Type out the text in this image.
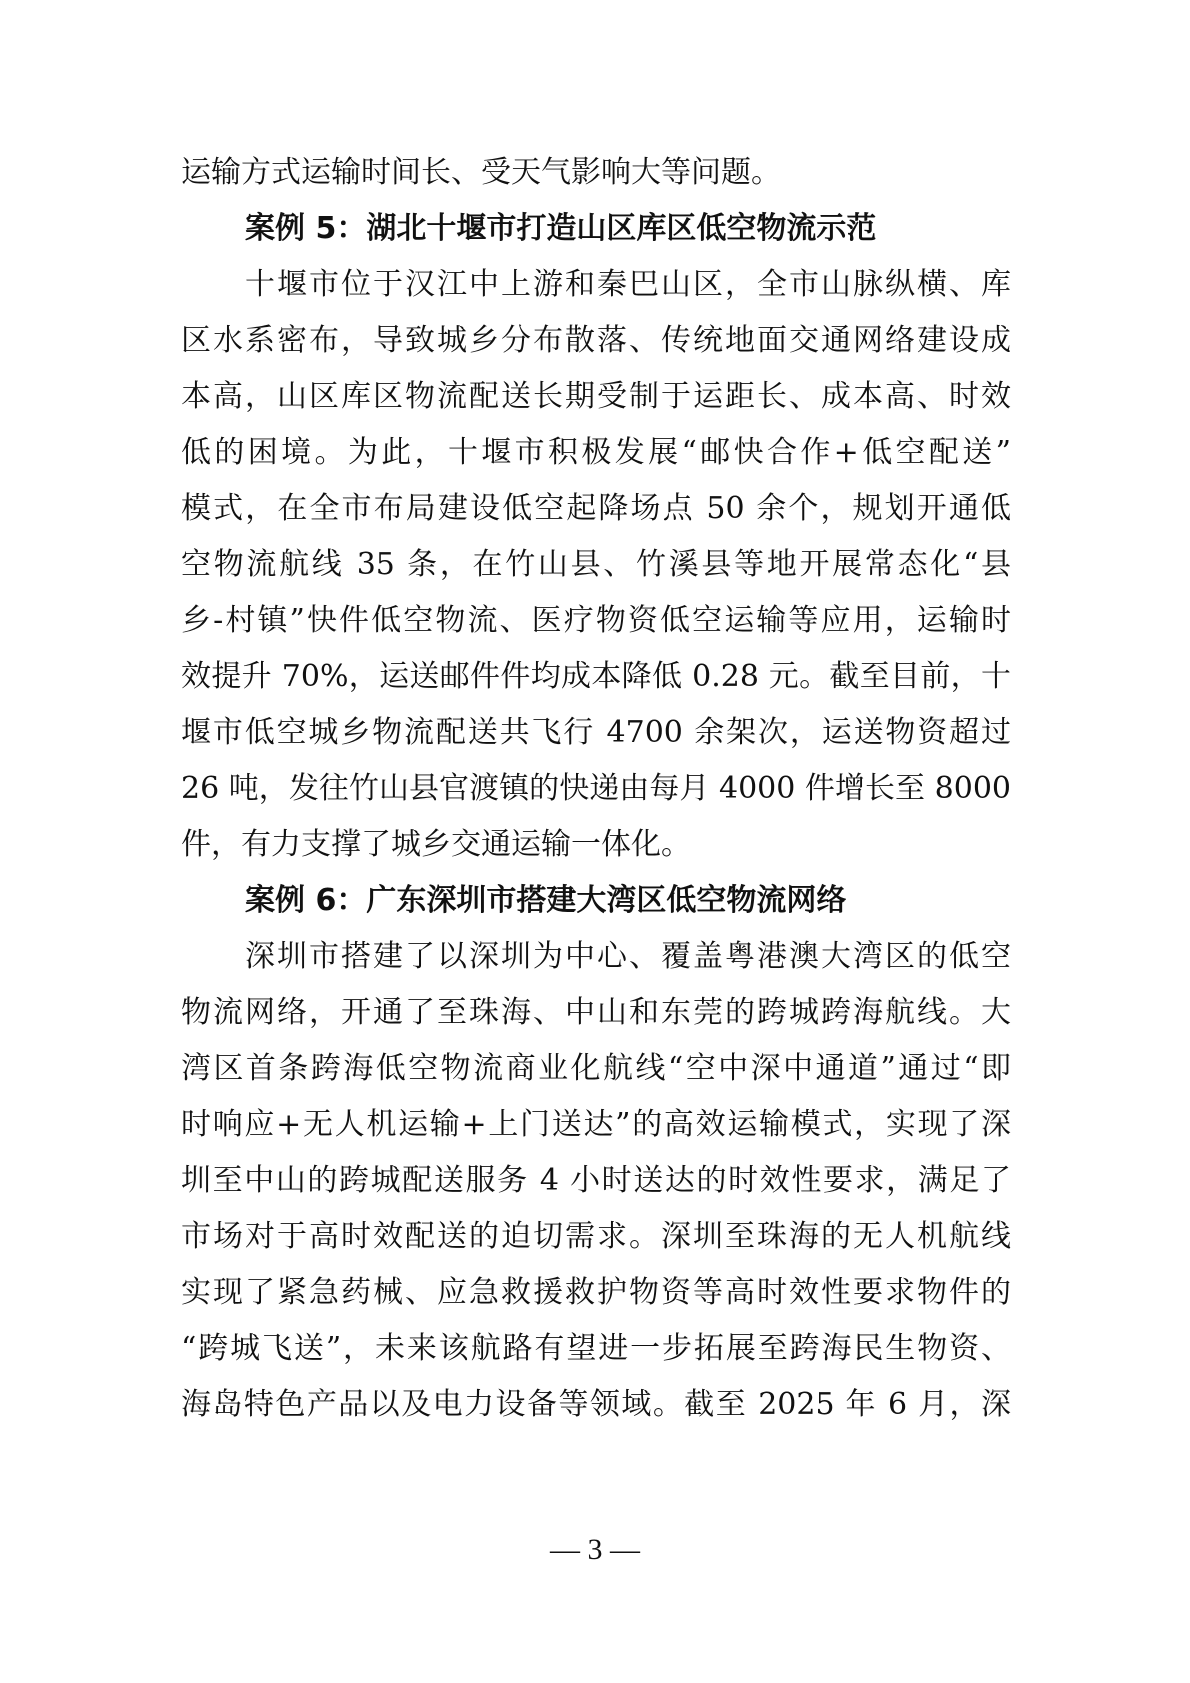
运输方式运输时间长、受天气影响大等问题。
案例 5：湖北十堰市打造山区库区低空物流示范
十堰市位于汉江中上游和秦巴山区，全市山脉纵横、库
区水系密布，导致城乡分布散落、传统地面交通网络建设成
本高，山区库区物流配送长期受制于运距长、成本高、时效
低的困境。为此，十堰市积极发展“邮快合作+低空配送”
模式，在全市布局建设低空起降场点 50 余个，规划开通低
空物流航线 35 条，在竹山县、竹溪县等地开展常态化“县
乡-村镇”快件低空物流、医疗物资低空运输等应用，运输时
效提升 70%，运送邮件件均成本降低 0.28 元。截至目前，十
堰市低空城乡物流配送共飞行 4700 余架次，运送物资超过
26 吨，发往竹山县官渡镇的快递由每月 4000 件增长至 8000
件，有力支撑了城乡交通运输一体化。
案例 6：广东深圳市搭建大湾区低空物流网络
深圳市搭建了以深圳为中心、覆盖粤港澳大湾区的低空
物流网络，开通了至珠海、中山和东莞的跨城跨海航线。大
湾区首条跨海低空物流商业化航线“空中深中通道”通过“即
时响应+无人机运输+上门送达”的高效运输模式，实现了深
圳至中山的跨城配送服务 4 小时送达的时效性要求，满足了
市场对于高时效配送的迫切需求。深圳至珠海的无人机航线
实现了紧急药械、应急救援救护物资等高时效性要求物件的
“跨城飞送”，未来该航路有望进一步拓展至跨海民生物资、
海岛特色产品以及电力设备等领域。截至 2025 年 6 月，深
— 3 —
